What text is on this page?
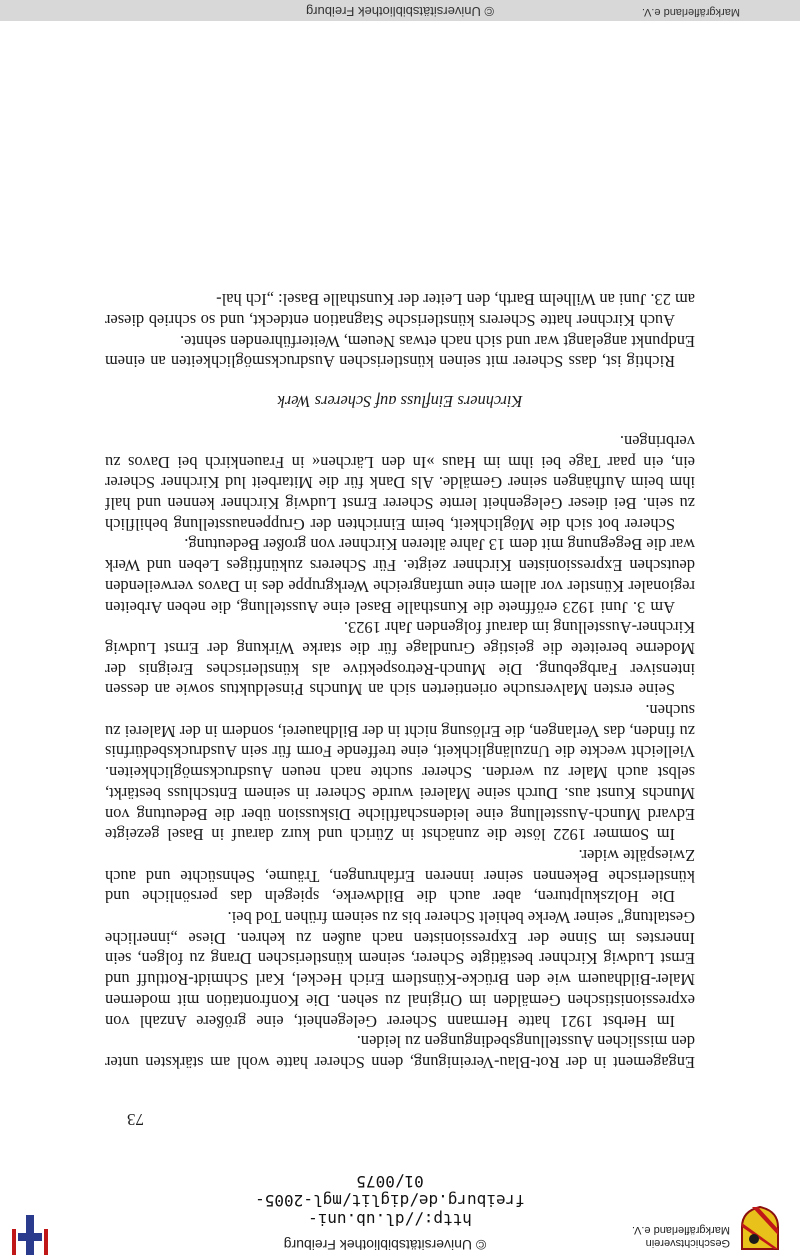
Geschichtsverein
Markgräflerland e.V.
© Universitätsbibliothek Freiburg
http://dl.ub.uni-freiburg.de/diglit/mgl-2005-01/0075
73

Engagement in der Rot-Blau-Vereinigung, denn Scherer hatte wohl am stärksten unter den misslichen Ausstellungsbedingungen zu leiden.

Im Herbst 1921 hatte Hermann Scherer Gelegenheit, eine größere Anzahl von expressionistischen Gemälden im Original zu sehen. Die Konfrontation mit modernen Maler-Bildhauern wie den Brücke-Künstlern Erich Heckel, Karl Schmidt-Rottluff und Ernst Ludwig Kirchner bestätigte Scherer, seinem künstlerischen Drang zu folgen, sein Innerstes im Sinne der Expressionisten nach außen zu kehren. Diese „innerliche Gestaltung" seiner Werke behielt Scherer bis zu seinem frühen Tod bei.

Die Holzskulpturen, aber auch die Bildwerke, spiegeln das persönliche und künstlerische Bekennen seiner inneren Erfahrungen, Träume, Sehnsüchte und auch Zwiespälte wider.

Im Sommer 1922 löste die zunächst in Zürich und kurz darauf in Basel gezeigte Edvard Munch-Ausstellung eine leidenschaftliche Diskussion über die Bedeutung von Munchs Kunst aus. Durch seine Malerei wurde Scherer in seinem Entschluss bestärkt, selbst auch Maler zu werden. Scherer suchte nach neuen Ausdrucksmöglichkeiten. Vielleicht weckte die Unzulänglichkeit, eine treffende Form für sein Ausdrucksbedürfnis zu finden, das Verlangen, die Erlösung nicht in der Bildhauerei, sondern in der Malerei zu suchen.

Seine ersten Malversuche orientierten sich an Munchs Pinselduktus sowie an dessen intensiver Farbgebung. Die Munch-Retrospektive als künstlerisches Ereignis der Moderne bereitete die geistige Grundlage für die starke Wirkung der Ernst Ludwig Kirchner-Ausstellung im darauf folgenden Jahr 1923.

Am 3. Juni 1923 eröffnete die Kunsthalle Basel eine Ausstellung, die neben Arbeiten regionaler Künstler vor allem eine umfangreiche Werkgruppe des in Davos verweilenden deutschen Expressionisten Kirchner zeigte. Für Scherers zukünftiges Leben und Werk war die Begegnung mit dem 13 Jahre älteren Kirchner von großer Bedeutung.

Scherer bot sich die Möglichkeit, beim Einrichten der Gruppenausstellung behilflich zu sein. Bei dieser Gelegenheit lernte Scherer Ernst Ludwig Kirchner kennen und half ihm beim Aufhängen seiner Gemälde. Als Dank für die Mitarbeit lud Kirchner Scherer ein, ein paar Tage bei ihm im Haus »In den Lärchen« in Frauenkirch bei Davos zu verbringen.

Kirchners Einfluss auf Scherers Werk

Richtig ist, dass Scherer mit seinen künstlerischen Ausdrucksmöglichkeiten an einem Endpunkt angelangt war und sich nach etwas Neuem, Weiterführenden sehnte.

Auch Kirchner hatte Scherers künstlerische Stagnation entdeckt, und so schrieb dieser am 23. Juni an Wilhelm Barth, den Leiter der Kunsthalle Basel: „Ich hal-

Markgräflerland e.V.
© Universitätsbibliothek Freiburg
